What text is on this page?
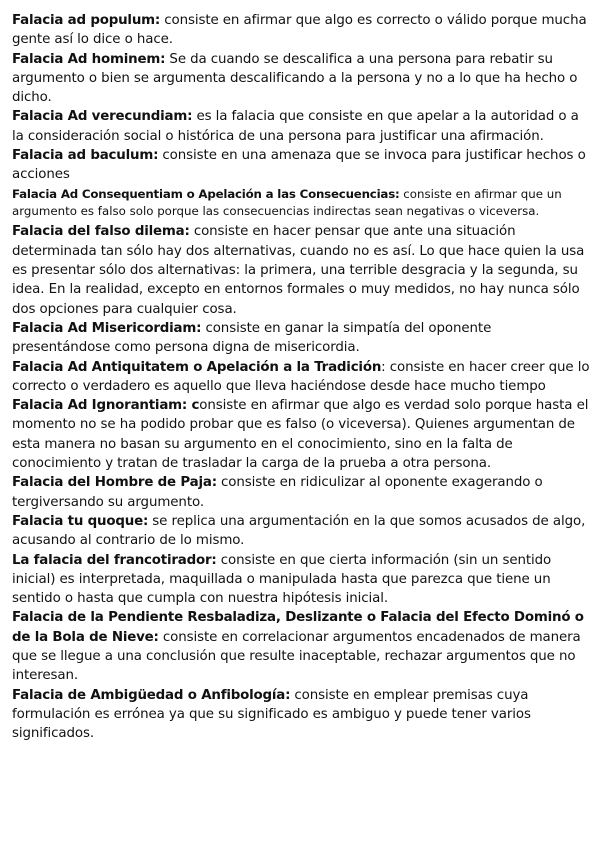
Falacia ad populum: consiste en afirmar que algo es correcto o válido porque mucha gente así lo dice o hace.

Falacia Ad hominem: Se da cuando se descalifica a una persona para rebatir su argumento o bien se argumenta descalificando a la persona y no a lo que ha hecho o dicho.

Falacia Ad verecundiam: es la falacia que consiste en que apelar a la autoridad o a la consideración social o histórica de una persona para justificar una afirmación.

Falacia ad baculum: consiste en una amenaza que se invoca para justificar hechos o acciones

Falacia Ad Consequentiam o Apelación a las Consecuencias: consiste en afirmar que un argumento es falso solo porque las consecuencias indirectas sean negativas o viceversa.

Falacia del falso dilema: consiste en hacer pensar que ante una situación determinada tan sólo hay dos alternativas, cuando no es así. Lo que hace quien la usa es presentar sólo dos alternativas: la primera, una terrible desgracia y la segunda, su idea. En la realidad, excepto en entornos formales o muy medidos, no hay nunca sólo dos opciones para cualquier cosa.

Falacia Ad Misericordiam: consiste en ganar la simpatía del oponente presentándose como persona digna de misericordia.

Falacia Ad Antiquitatem o Apelación a la Tradición: consiste en hacer creer que lo correcto o verdadero es aquello que lleva haciéndose desde hace mucho tiempo

Falacia Ad Ignorantiam: consiste en afirmar que algo es verdad solo porque hasta el momento no se ha podido probar que es falso (o viceversa). Quienes argumentan de esta manera no basan su argumento en el conocimiento, sino en la falta de conocimiento y tratan de trasladar la carga de la prueba a otra persona.

Falacia del Hombre de Paja: consiste en ridiculizar al oponente exagerando o tergiversando su argumento.

Falacia tu quoque: se replica una argumentación en la que somos acusados de algo, acusando al contrario de lo mismo.

La falacia del francotirador: consiste en que cierta información (sin un sentido inicial) es interpretada, maquillada o manipulada hasta que parezca que tiene un sentido o hasta que cumpla con nuestra hipótesis inicial.

Falacia de la Pendiente Resbaladiza, Deslizante o Falacia del Efecto Dominó o de la Bola de Nieve: consiste en correlacionar argumentos encadenados de manera que se llegue a una conclusión que resulte inaceptable, rechazar argumentos que no interesan.

Falacia de Ambigüedad o Anfibología: consiste en emplear premisas cuya formulación es errónea ya que su significado es ambiguo y puede tener varios significados.
